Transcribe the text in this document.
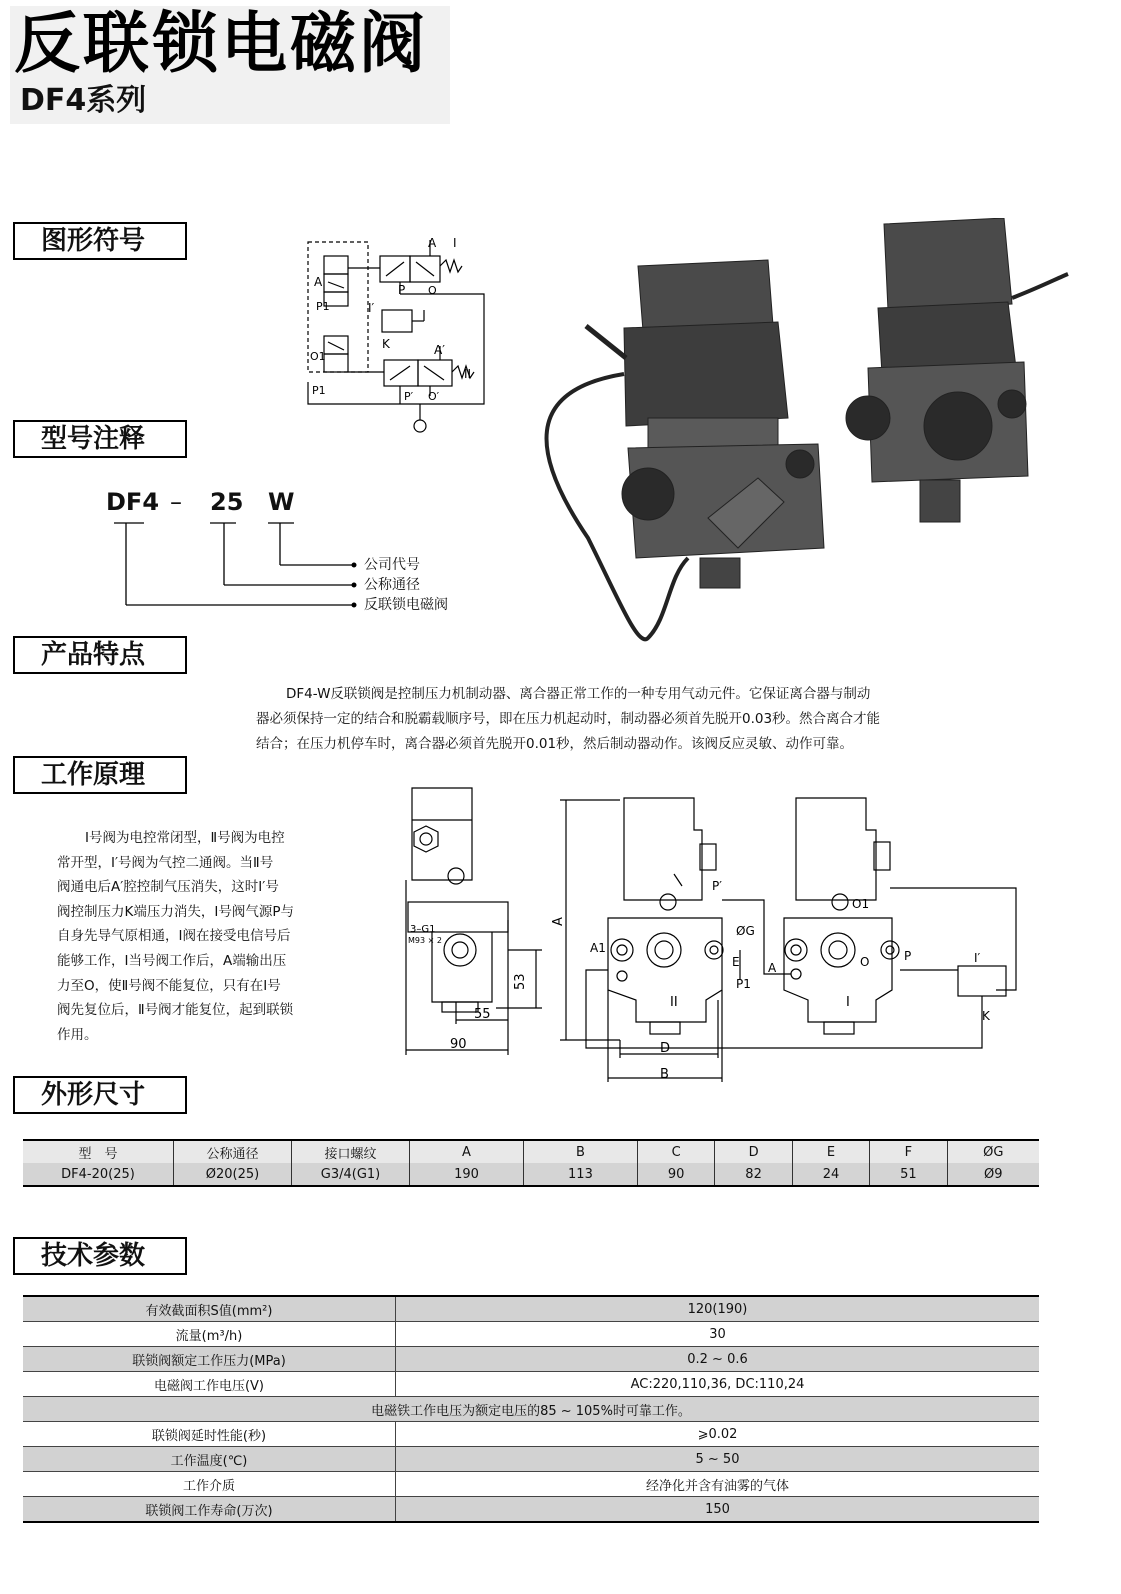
反联锁电磁阀
DF4系列
图形符号
型号注释
产品特点
工作原理
外形尺寸
技术参数
A I
A
P O
P1	I′
K
O1	A′
II
P1	P′ O′
DF4 – 25 W
公司代号
公称通径
反联锁电磁阀
DF4-W反联锁阀是控制压力机制动器、离合器正常工作的一种专用气动元件。它保证离合器与制动
器必须保持一定的结合和脱霸载顺序号，即在压力机起动时，制动器必须首先脱开0.03秒。然合离合才能
结合；在压力机停车时，离合器必须首先脱开0.01秒，然后制动器动作。该阀反应灵敏、动作可靠。
Ⅰ号阀为电控常闭型，Ⅱ号阀为电控
常开型，Ⅰ′号阀为气控二通阀。当Ⅱ号
阀通电后A′腔控制气压消失，这时Ⅰ′号
阀控制压力K端压力消失，Ⅰ号阀气源P与
自身先导气原相通，Ⅰ阀在接受电信号后
能够工作，Ⅰ当号阀工作后，A端输出压
力至O，使Ⅱ号阀不能复位，只有在Ⅰ号
阀先复位后，Ⅱ号阀才能复位，起到联锁
作用。
3–G1
M93 × 2
53
55
90
A
P′
ØG
A1
E
P1
A
II
D
B
O1
O	P
I
I′
K
型　号	公称通径	接口螺纹	A	B	C	D	E	F	ØG
DF4-20(25)	Ø20(25)	G3/4(G1)	190	113	90	82	24	51	Ø9
有效截面积S值(mm²)	120(190)
流量(m³/h)	30
联锁阀额定工作压力(MPa)	0.2 ~ 0.6
电磁阀工作电压(V)	AC:220,110,36, DC:110,24
电磁铁工作电压为额定电压的85 ~ 105%时可靠工作。	
联锁阀延时性能(秒)	⩾0.02
工作温度(℃)	5 ~ 50
工作介质	经净化并含有油雾的气体
联锁阀工作寿命(万次)	150
